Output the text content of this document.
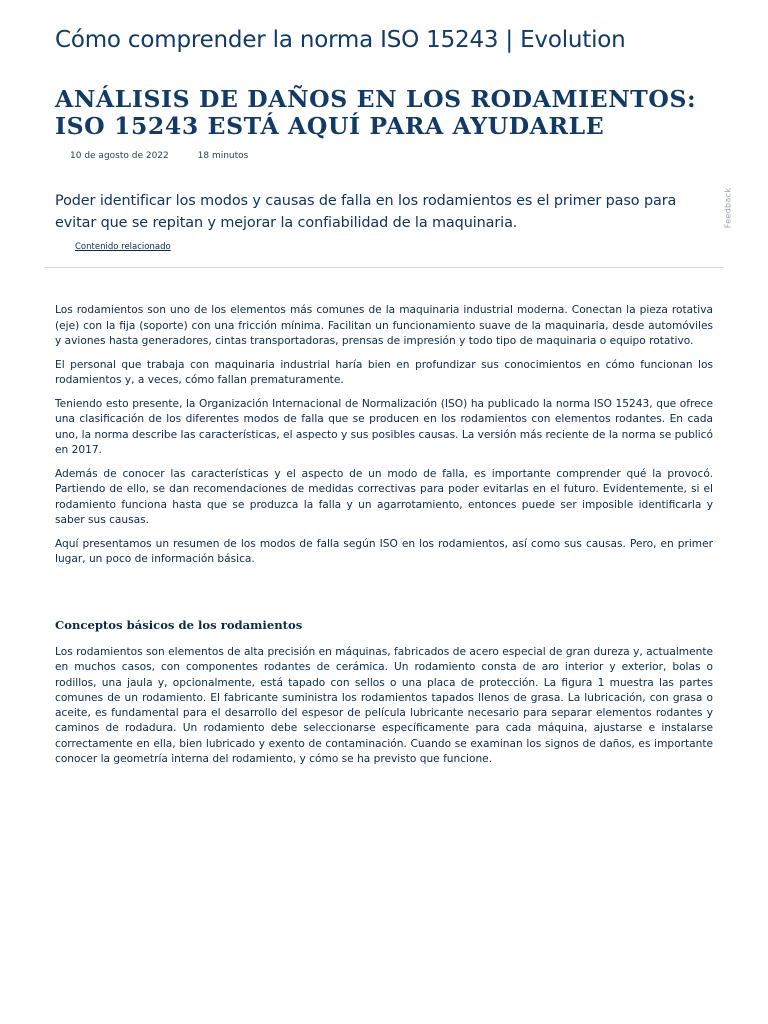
Cómo comprender la norma ISO 15243 | Evolution
ANÁLISIS DE DAÑOS EN LOS RODAMIENTOS: ISO 15243 ESTÁ AQUÍ PARA AYUDARLE
10 de agosto de 2022	18 minutos

Poder identificar los modos y causas de falla en los rodamientos es el primer paso para evitar que se repitan y mejorar la confiabilidad de la maquinaria.

Contenido relacionado
Feedback

Los rodamientos son uno de los elementos más comunes de la maquinaria industrial moderna. Conectan la pieza rotativa (eje) con la fija (soporte) con una fricción mínima. Facilitan un funcionamiento suave de la maquinaria, desde automóviles y aviones hasta generadores, cintas transportadoras, prensas de impresión y todo tipo de maquinaria o equipo rotativo.

El personal que trabaja con maquinaria industrial haría bien en profundizar sus conocimientos en cómo funcionan los rodamientos y, a veces, cómo fallan prematuramente.

Teniendo esto presente, la Organización Internacional de Normalización (ISO) ha publicado la norma ISO 15243, que ofrece una clasificación de los diferentes modos de falla que se producen en los rodamientos con elementos rodantes. En cada uno, la norma describe las características, el aspecto y sus posibles causas. La versión más reciente de la norma se publicó en 2017.

Además de conocer las características y el aspecto de un modo de falla, es importante comprender qué la provocó. Partiendo de ello, se dan recomendaciones de medidas correctivas para poder evitarlas en el futuro. Evidentemente, si el rodamiento funciona hasta que se produzca la falla y un agarrotamiento, entonces puede ser imposible identificarla y saber sus causas.

Aquí presentamos un resumen de los modos de falla según ISO en los rodamientos, así como sus causas. Pero, en primer lugar, un poco de información básica.

Conceptos básicos de los rodamientos

Los rodamientos son elementos de alta precisión en máquinas, fabricados de acero especial de gran dureza y, actualmente en muchos casos, con componentes rodantes de cerámica. Un rodamiento consta de aro interior y exterior, bolas o rodillos, una jaula y, opcionalmente, está tapado con sellos o una placa de protección. La figura 1 muestra las partes comunes de un rodamiento. El fabricante suministra los rodamientos tapados llenos de grasa. La lubricación, con grasa o aceite, es fundamental para el desarrollo del espesor de película lubricante necesario para separar elementos rodantes y caminos de rodadura. Un rodamiento debe seleccionarse específicamente para cada máquina, ajustarse e instalarse correctamente en ella, bien lubricado y exento de contaminación. Cuando se examinan los signos de daños, es importante conocer la geometría interna del rodamiento, y cómo se ha previsto que funcione.
